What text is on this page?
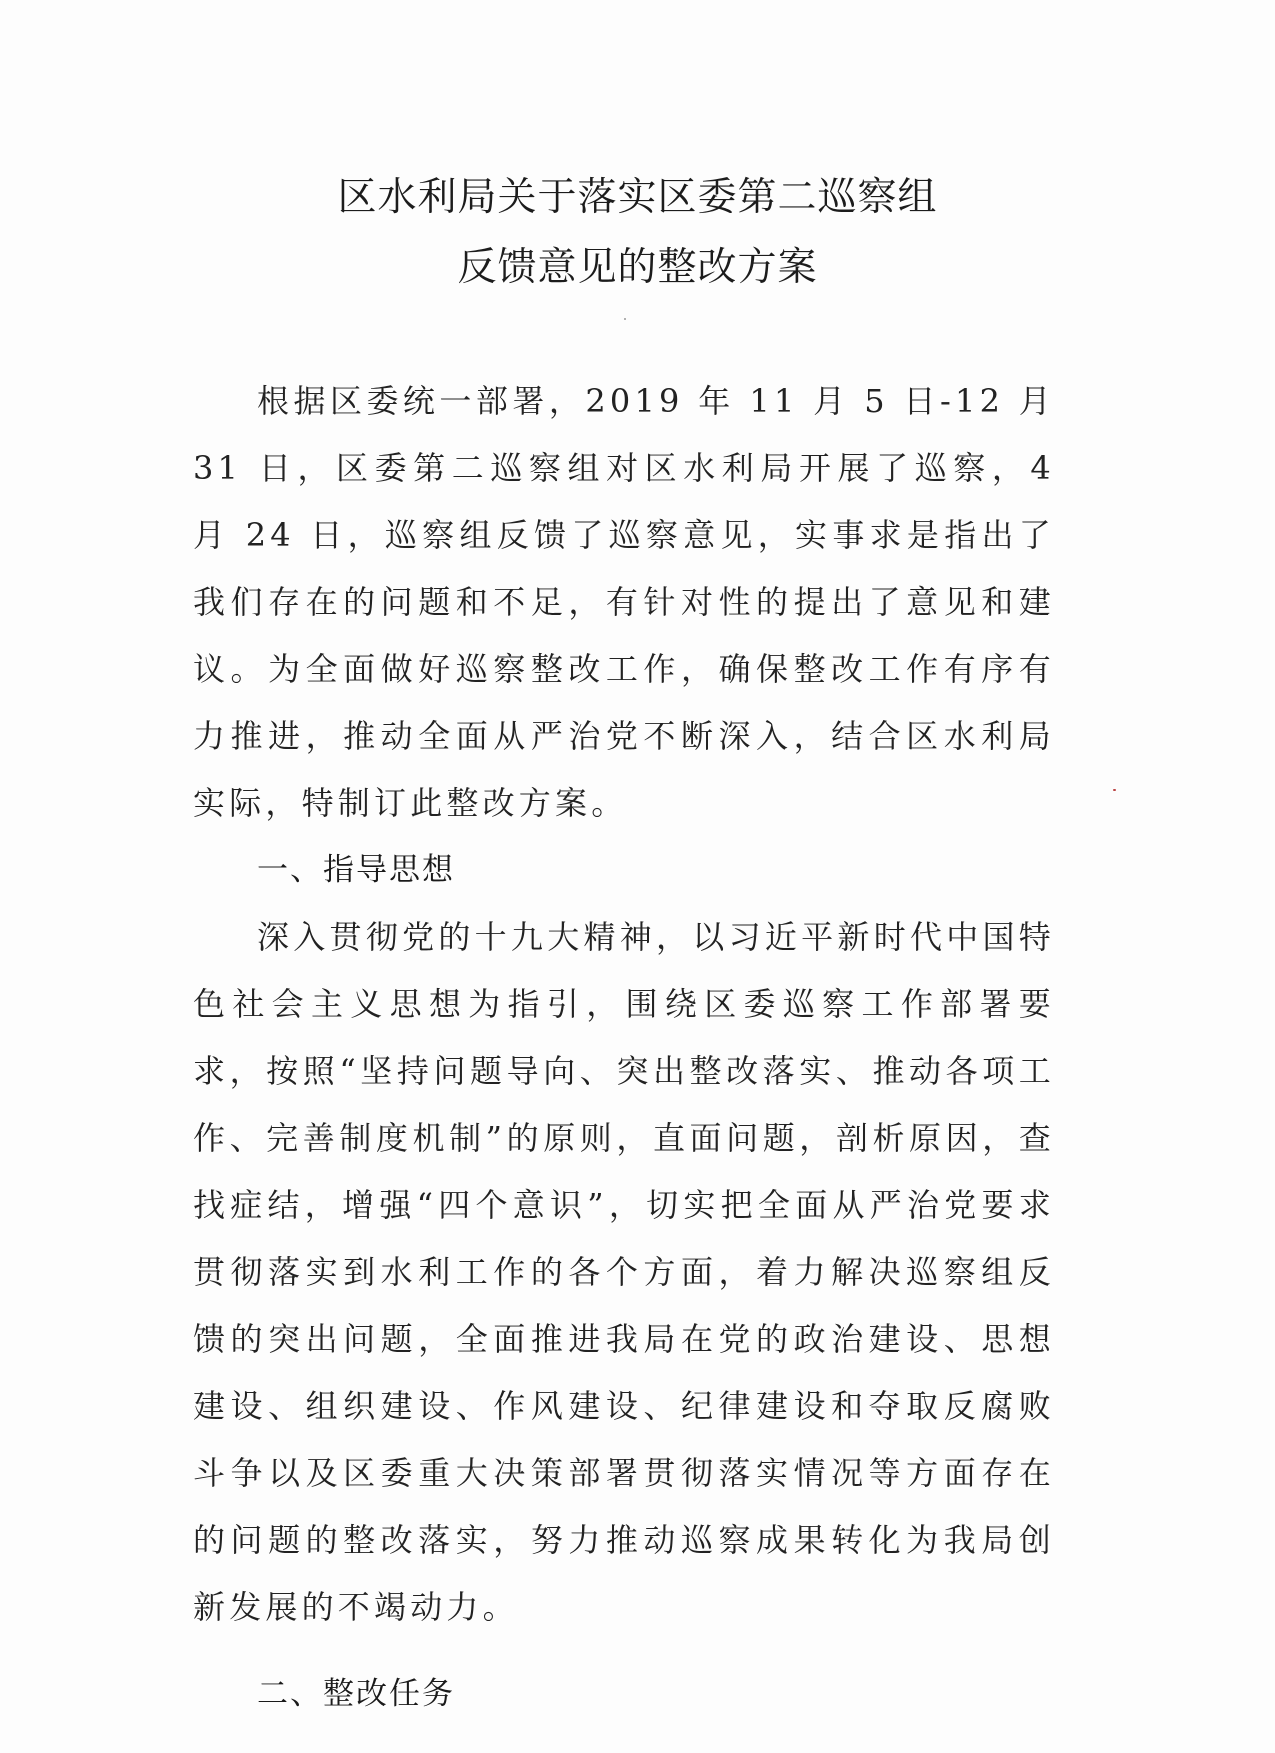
区水利局关于落实区委第二巡察组
反馈意见的整改方案

根据区委统一部署，2019 年 11 月 5 日-12 月 31 日，区委第二巡察组对区水利局开展了巡察，4 月 24 日，巡察组反馈了巡察意见，实事求是指出了我们存在的问题和不足，有针对性的提出了意见和建议。为全面做好巡察整改工作，确保整改工作有序有力推进，推动全面从严治党不断深入，结合区水利局实际，特制订此整改方案。

一、指导思想

深入贯彻党的十九大精神，以习近平新时代中国特色社会主义思想为指引，围绕区委巡察工作部署要求，按照“坚持问题导向、突出整改落实、推动各项工作、完善制度机制”的原则，直面问题，剖析原因，查找症结，增强“四个意识”，切实把全面从严治党要求贯彻落实到水利工作的各个方面，着力解决巡察组反馈的突出问题，全面推进我局在党的政治建设、思想建设、组织建设、作风建设、纪律建设和夺取反腐败斗争以及区委重大决策部署贯彻落实情况等方面存在的问题的整改落实，努力推动巡察成果转化为我局创新发展的不竭动力。

二、整改任务
